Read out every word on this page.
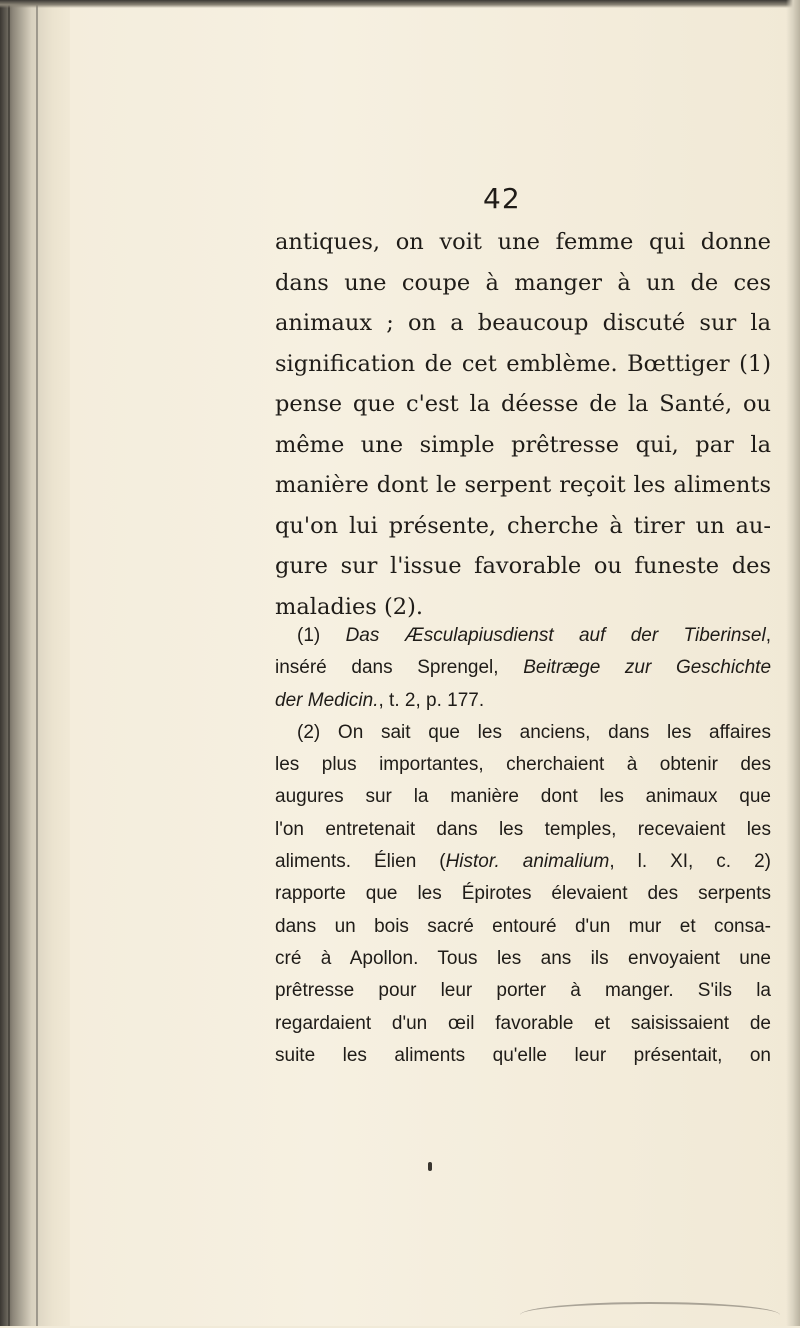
42
antiques, on voit une femme qui donne
dans une coupe à manger à un de ces
animaux ; on a beaucoup discuté sur la
signification de cet emblème. Bœttiger (1)
pense que c'est la déesse de la Santé, ou
même une simple prêtresse qui, par la
manière dont le serpent reçoit les aliments
qu'on lui présente, cherche à tirer un au-
gure sur l'issue favorable ou funeste des
maladies (2).
(1) Das Æsculapiusdienst auf der Tiberinsel,
inséré dans Sprengel, Beitræge zur Geschichte
der Medicin., t. 2, p. 177.
(2) On sait que les anciens, dans les affaires
les plus importantes, cherchaient à obtenir des
augures sur la manière dont les animaux que
l'on entretenait dans les temples, recevaient les
aliments. Élien (Histor. animalium, l. XI, c. 2)
rapporte que les Épirotes élevaient des serpents
dans un bois sacré entouré d'un mur et consa-
cré à Apollon. Tous les ans ils envoyaient une
prêtresse pour leur porter à manger. S'ils la
regardaient d'un œil favorable et saisissaient de
suite les aliments qu'elle leur présentait, on
